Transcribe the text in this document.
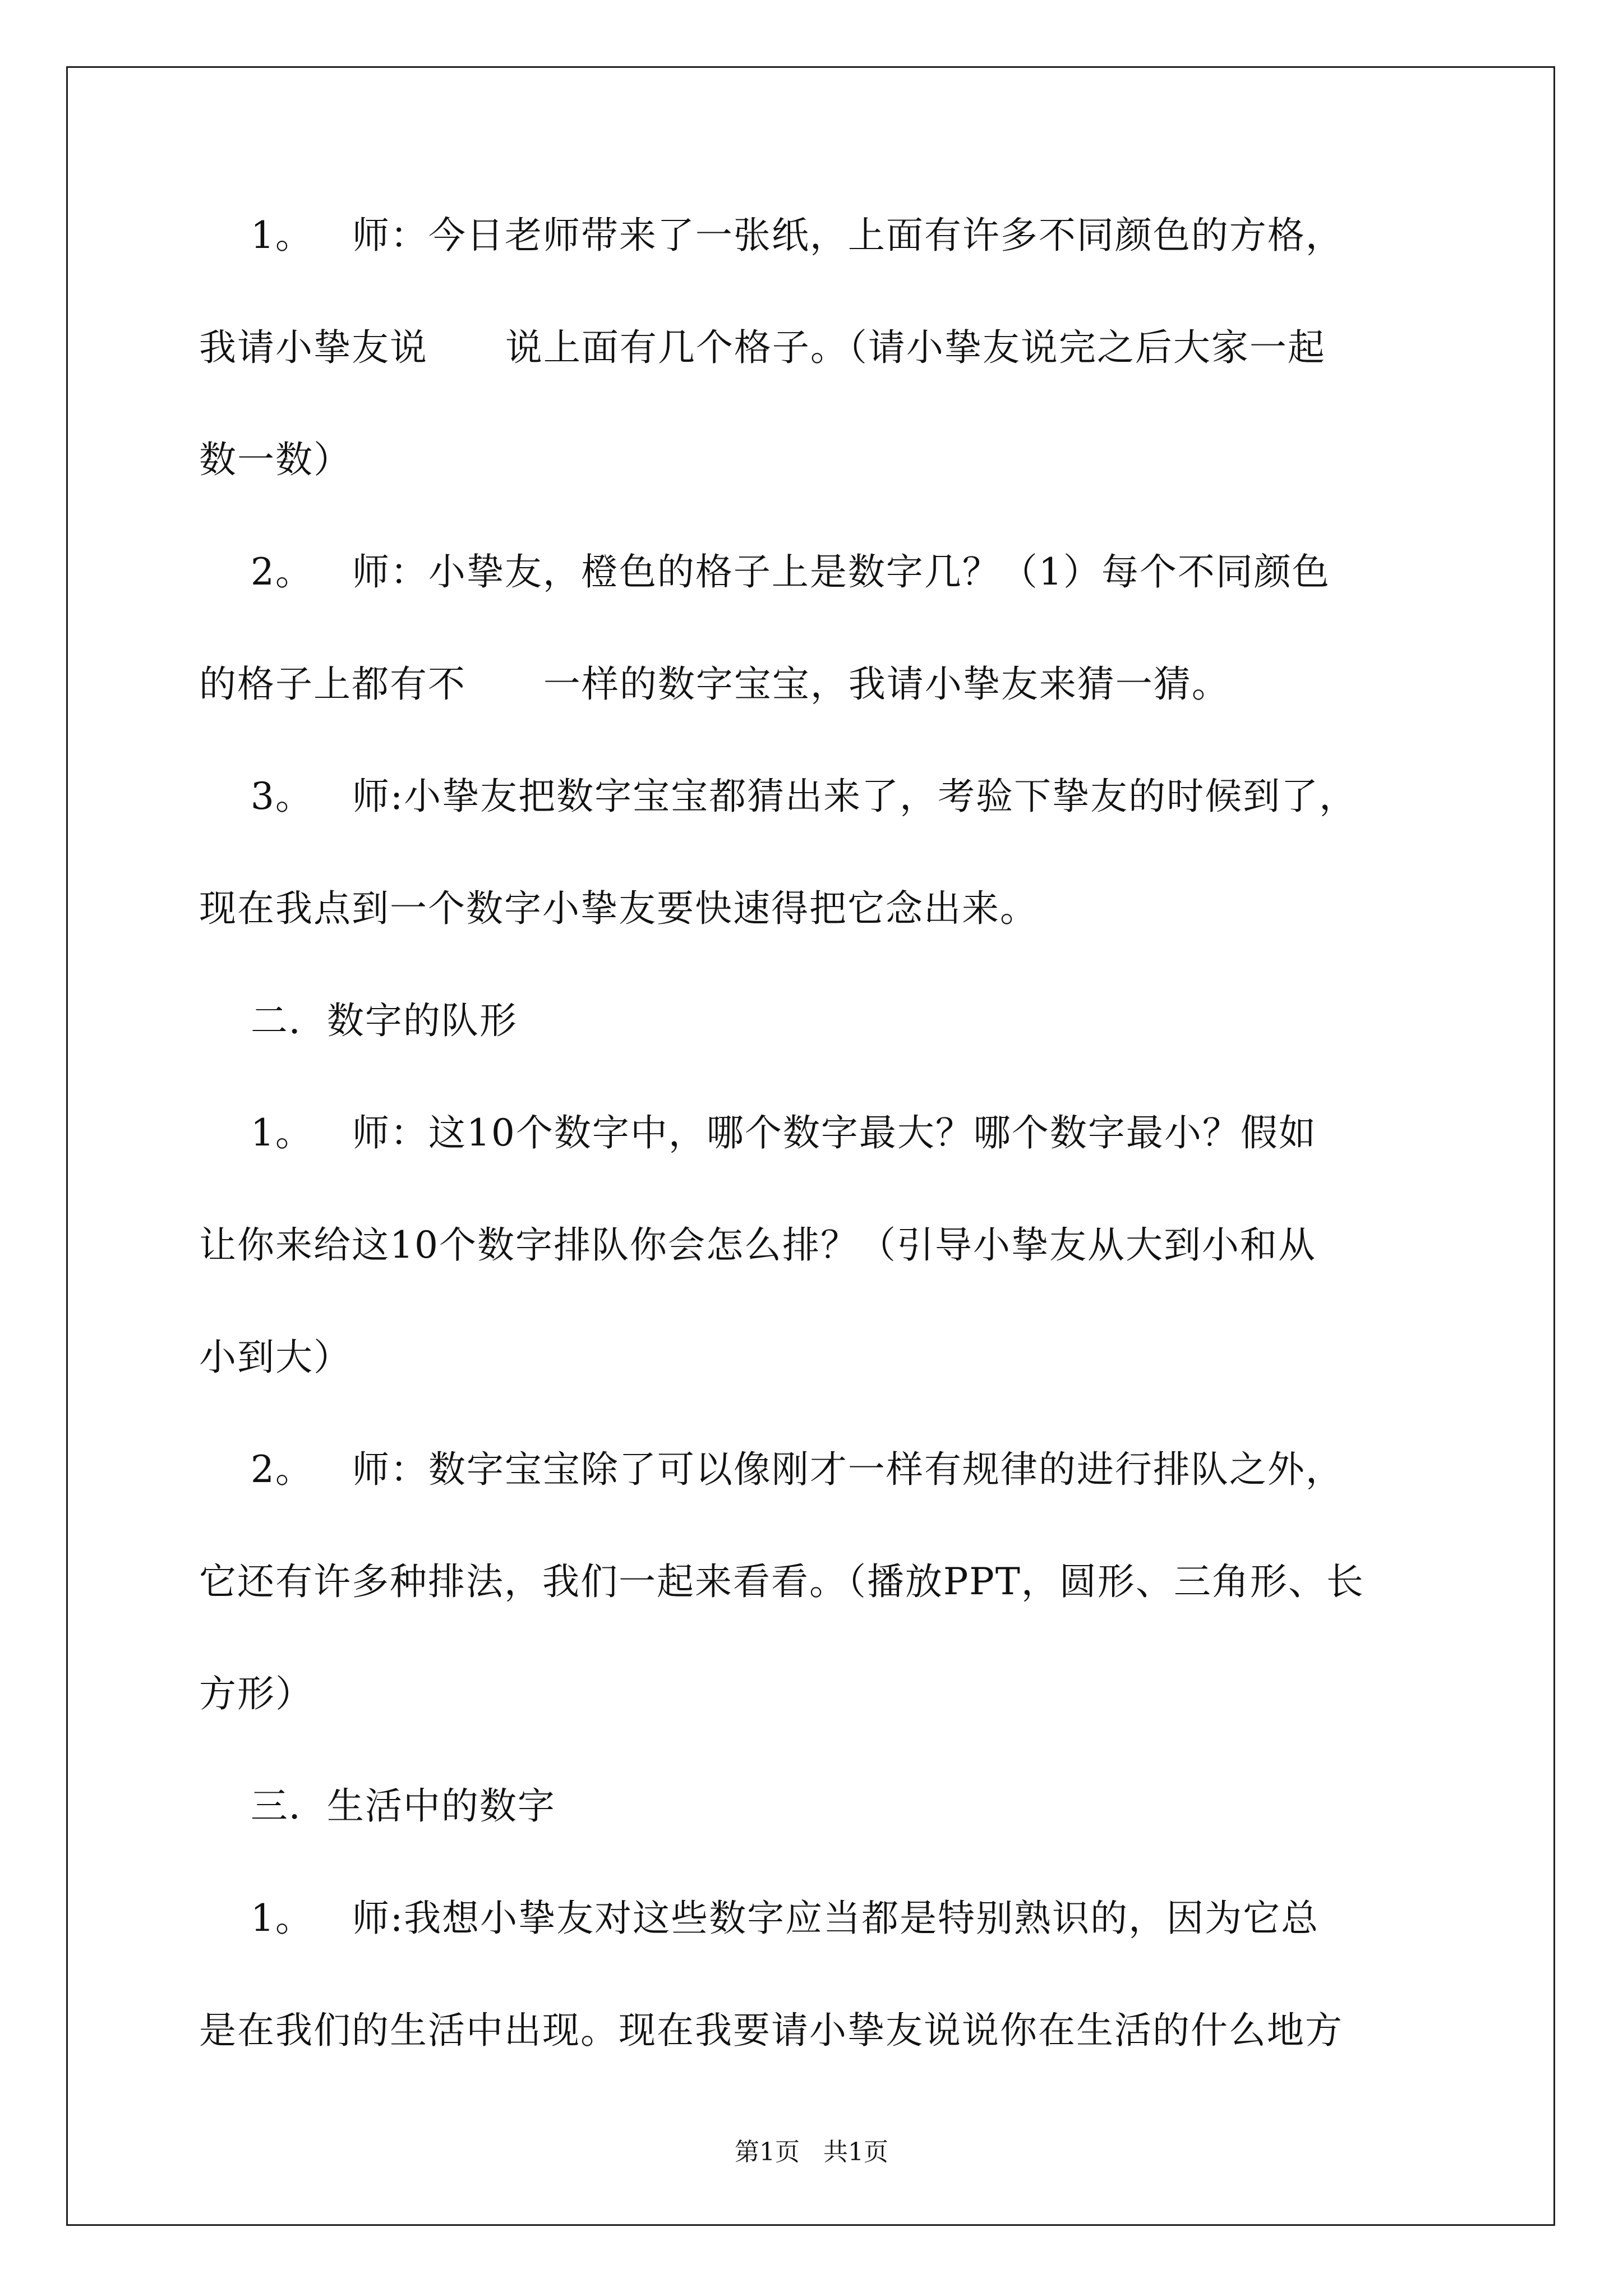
1。   师：今日老师带来了一张纸，上面有许多不同颜色的方格，
我请小挚友说      说上面有几个格子。（请小挚友说完之后大家一起
数一数）
2。   师：小挚友，橙色的格子上是数字几？（1）每个不同颜色
的格子上都有不      一样的数字宝宝，我请小挚友来猜一猜。
3。   师:小挚友把数字宝宝都猜出来了，考验下挚友的时候到了，
现在我点到一个数字小挚友要快速得把它念出来。
二．数字的队形
1。   师：这10个数字中，哪个数字最大？哪个数字最小？假如
让你来给这10个数字排队你会怎么排？（引导小挚友从大到小和从
小到大）
2。   师：数字宝宝除了可以像刚才一样有规律的进行排队之外，
它还有许多种排法，我们一起来看看。（播放PPT，圆形、三角形、长
方形）
三．生活中的数字
1。   师:我想小挚友对这些数字应当都是特别熟识的，因为它总
是在我们的生活中出现。现在我要请小挚友说说你在生活的什么地方
第1页   共1页
